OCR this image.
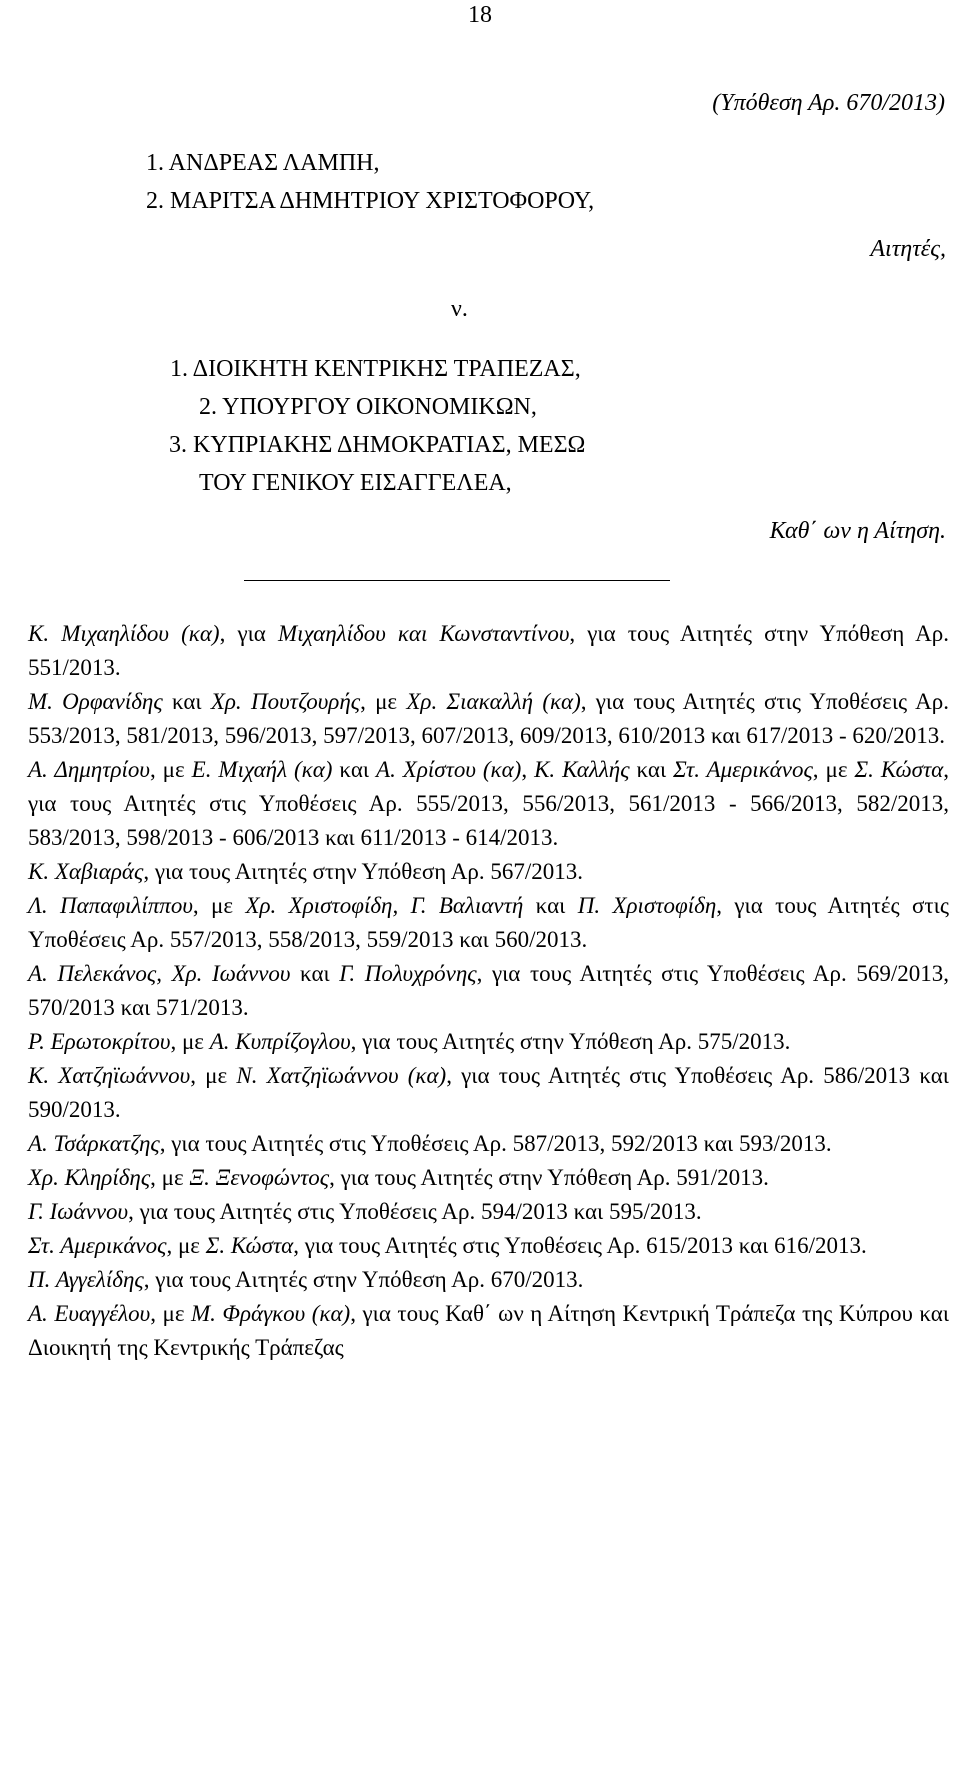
18
(Υπόθεση Αρ. 670/2013)
1. ΑΝΔΡΕΑΣ ΛΑΜΠΗ,
2. ΜΑΡΙΤΣΑ ΔΗΜΗΤΡΙΟΥ ΧΡΙΣΤΟΦΟΡΟΥ,
Αιτητές,
ν.
1. ΔΙΟΙΚΗΤΗ ΚΕΝΤΡΙΚΗΣ ΤΡΑΠΕΖΑΣ,
2. ΥΠΟΥΡΓΟΥ ΟΙΚΟΝΟΜΙΚΩΝ,
3. ΚΥΠΡΙΑΚΗΣ ΔΗΜΟΚΡΑΤΙΑΣ, ΜΕΣΩ
ΤΟΥ ΓΕΝΙΚΟΥ ΕΙΣΑΓΓΕΛΕΑ,
Καθ΄ ων η Αίτηση.

Κ. Μιχαηλίδου (κα), για Μιχαηλίδου και Κωνσταντίνου, για τους Αιτητές στην Υπόθεση Αρ. 551/2013.

Μ. Ορφανίδης και Χρ. Πουτζουρής, με Χρ. Σιακαλλή (κα), για τους Αιτητές στις Υποθέσεις Αρ. 553/2013, 581/2013, 596/2013, 597/2013, 607/2013, 609/2013, 610/2013 και 617/2013 - 620/2013.

Α. Δημητρίου, με Ε. Μιχαήλ (κα) και Α. Χρίστου (κα), Κ. Καλλής και Στ. Αμερικάνος, με Σ. Κώστα, για τους Αιτητές στις Υποθέσεις Αρ. 555/2013, 556/2013, 561/2013 - 566/2013, 582/2013, 583/2013, 598/2013 - 606/2013 και 611/2013 - 614/2013.

Κ. Χαβιαράς, για τους Αιτητές στην Υπόθεση Αρ. 567/2013.

Λ. Παπαφιλίππου, με Χρ. Χριστοφίδη, Γ. Βαλιαντή και Π. Χριστοφίδη, για τους Αιτητές στις Υποθέσεις Αρ. 557/2013, 558/2013, 559/2013 και 560/2013.

Α. Πελεκάνος, Χρ. Ιωάννου και Γ. Πολυχρόνης, για τους Αιτητές στις Υποθέσεις Αρ. 569/2013, 570/2013 και 571/2013.

Ρ. Ερωτοκρίτου, με Α. Κυπρίζογλου, για τους Αιτητές στην Υπόθεση Αρ. 575/2013.

Κ. Χατζηϊωάννου, με Ν. Χατζηϊωάννου (κα), για τους Αιτητές στις Υποθέσεις Αρ. 586/2013 και 590/2013.

Α. Τσάρκατζης, για τους Αιτητές στις Υποθέσεις Αρ. 587/2013, 592/2013 και 593/2013.

Χρ. Κληρίδης, με Ξ. Ξενοφώντος, για τους Αιτητές στην Υπόθεση Αρ. 591/2013.

Γ. Ιωάννου, για τους Αιτητές στις Υποθέσεις Αρ. 594/2013 και 595/2013.

Στ. Αμερικάνος, με Σ. Κώστα, για τους Αιτητές στις Υποθέσεις Αρ. 615/2013 και 616/2013.

Π. Αγγελίδης, για τους Αιτητές στην Υπόθεση Αρ. 670/2013.

Α. Ευαγγέλου, με Μ. Φράγκου (κα), για τους Καθ΄ ων η Αίτηση Κεντρική Τράπεζα της Κύπρου και Διοικητή της Κεντρικής Τράπεζας
